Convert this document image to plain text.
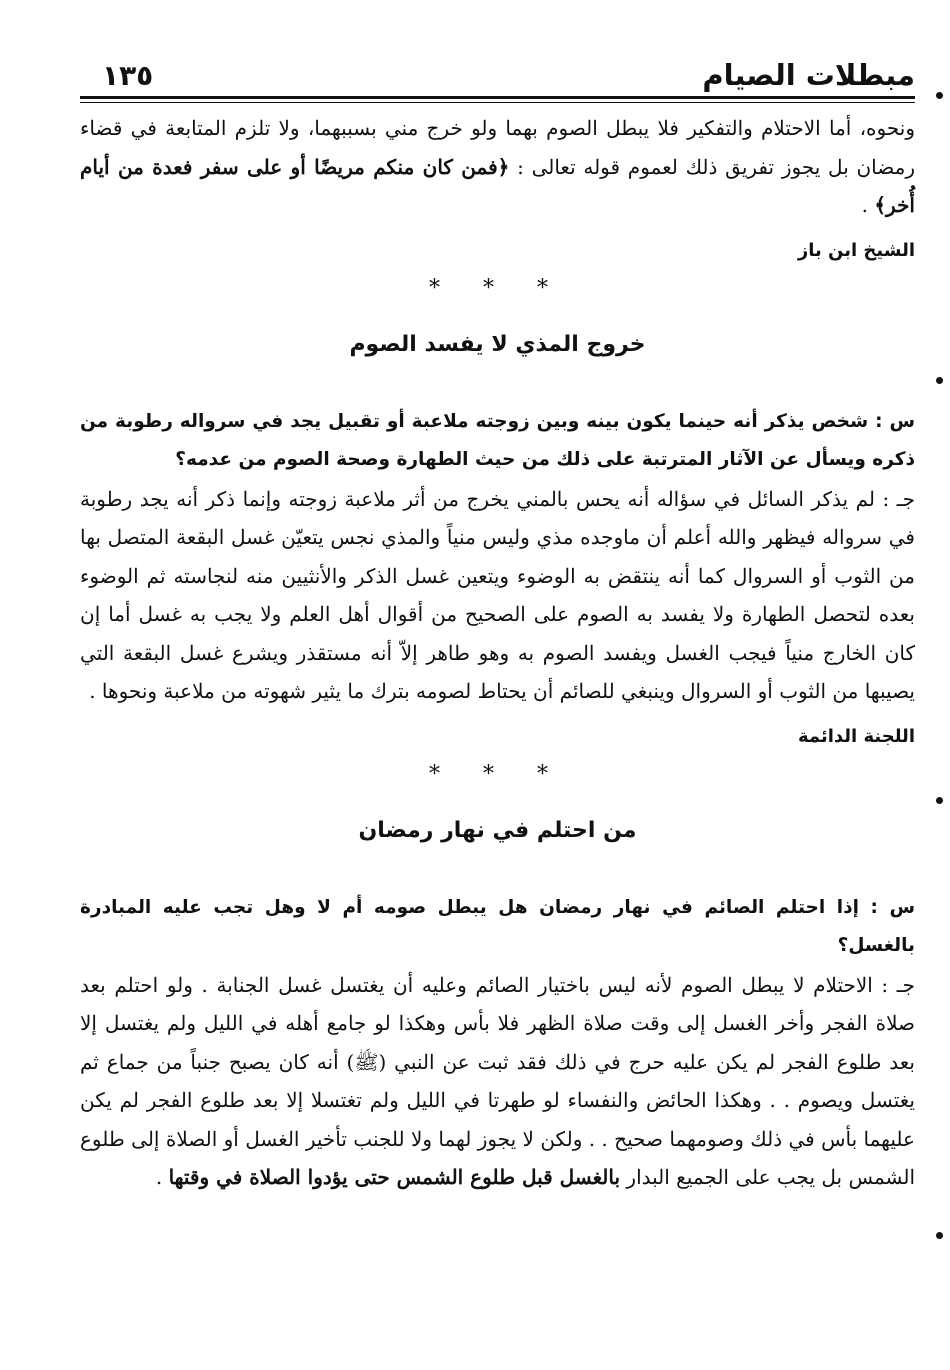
مبطلات الصيام
١٣٥

ونحوه، أما الاحتلام والتفكير فلا يبطل الصوم بهما ولو خرج مني بسببهما، ولا تلزم المتابعة في قضاء رمضان بل يجوز تفريق ذلك لعموم قوله تعالى : ﴿فمن كان منكم مريضًا أو على سفر فعدة من أيام أُخر﴾ .

الشيخ ابن باز

* * *

خروج المذي لا يفسد الصوم

س : شخص يذكر أنه حينما يكون بينه وبين زوجته ملاعبة أو تقبيل يجد في سرواله رطوبة من ذكره ويسأل عن الآثار المترتبة على ذلك من حيث الطهارة وصحة الصوم من عدمه؟

جـ : لم يذكر السائل في سؤاله أنه يحس بالمني يخرج من أثر ملاعبة زوجته وإنما ذكر أنه يجد رطوبة في سرواله فيظهر والله أعلم أن ماوجده مذي وليس منياً والمذي نجس يتعيّن غسل البقعة المتصل بها من الثوب أو السروال كما أنه ينتقض به الوضوء ويتعين غسل الذكر والأنثيين منه لنجاسته ثم الوضوء بعده لتحصل الطهارة ولا يفسد به الصوم على الصحيح من أقوال أهل العلم ولا يجب به غسل أما إن كان الخارج منياً فيجب الغسل ويفسد الصوم به وهو طاهر إلاّ أنه مستقذر ويشرع غسل البقعة التي يصيبها من الثوب أو السروال وينبغي للصائم أن يحتاط لصومه بترك ما يثير شهوته من ملاعبة ونحوها .

اللجنة الدائمة

* * *

من احتلم في نهار رمضان

س : إذا احتلم الصائم في نهار رمضان هل يبطل صومه أم لا وهل تجب عليه المبادرة بالغسل؟

جـ : الاحتلام لا يبطل الصوم لأنه ليس باختيار الصائم وعليه أن يغتسل غسل الجنابة . ولو احتلم بعد صلاة الفجر وأخر الغسل إلى وقت صلاة الظهر فلا بأس وهكذا لو جامع أهله في الليل ولم يغتسل إلا بعد طلوع الفجر لم يكن عليه حرج في ذلك فقد ثبت عن النبي (ﷺ) أنه كان يصبح جنباً من جماع ثم يغتسل ويصوم . . وهكذا الحائض والنفساء لو طهرتا في الليل ولم تغتسلا إلا بعد طلوع الفجر لم يكن عليهما بأس في ذلك وصومهما صحيح . . ولكن لا يجوز لهما ولا للجنب تأخير الغسل أو الصلاة إلى طلوع الشمس بل يجب على الجميع البدار بالغسل قبل طلوع الشمس حتى يؤدوا الصلاة في وقتها .
